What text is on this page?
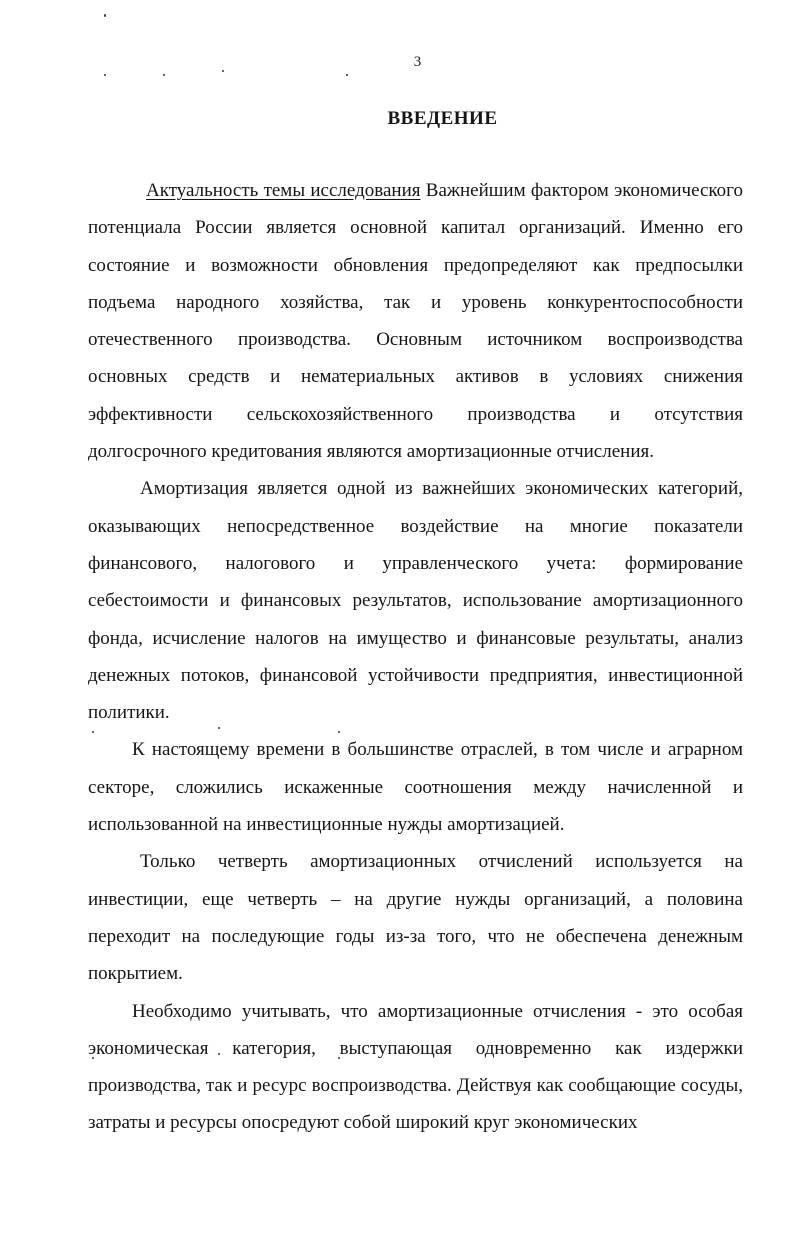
3
ВВЕДЕНИЕ

Актуальность темы исследования Важнейшим фактором экономического потенциала России является основной капитал организаций. Именно его состояние и возможности обновления предопределяют как предпосылки подъема народного хозяйства, так и уровень конкурентоспособности отечественного производства. Основным источником воспроизводства основных средств и нематериальных активов в условиях снижения эффективности сельскохозяйственного производства и отсутствия долгосрочного кредитования являются амортизационные отчисления.

Амортизация является одной из важнейших экономических категорий, оказывающих непосредственное воздействие на многие показатели финансового, налогового и управленческого учета: формирование себестоимости и финансовых результатов, использование амортизационного фонда, исчисление налогов на имущество и финансовые результаты, анализ денежных потоков, финансовой устойчивости предприятия, инвестиционной политики.

К настоящему времени в большинстве отраслей, в том числе и аграрном секторе, сложились искаженные соотношения между начисленной и использованной на инвестиционные нужды амортизацией.

Только четверть амортизационных отчислений используется на инвестиции, еще четверть – на другие нужды организаций, а половина переходит на последующие годы из-за того, что не обеспечена денежным покрытием.

Необходимо учитывать, что амортизационные отчисления - это особая экономическая категория, выступающая одновременно как издержки производства, так и ресурс воспроизводства. Действуя как сообщающие сосуды, затраты и ресурсы опосредуют собой широкий круг экономических
